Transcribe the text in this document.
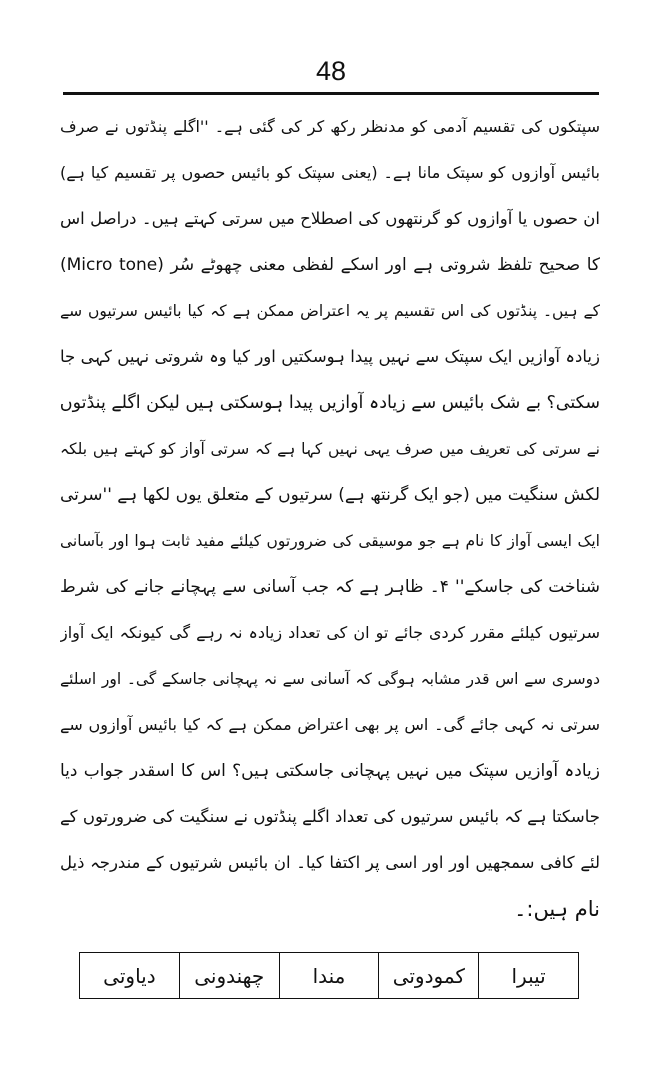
48
سپتکوں کی تقسیم آدمی کو مدنظر رکھ کر کی گئی ہے۔ ''اگلے پنڈتوں نے صرف
بائیس آوازوں کو سپتک مانا ہے۔ (یعنی سپتک کو بائیس حصوں پر تقسیم کیا ہے)
ان حصوں یا آوازوں کو گرنتھوں کی اصطلاح میں سرتی کہتے ہیں۔ دراصل اس
کا صحیح تلفظ شروتی ہے اور اسکے لفظی معنی چھوٹے سُر (Micro tone)
کے ہیں۔ پنڈتوں کی اس تقسیم پر یہ اعتراض ممکن ہے کہ کیا بائیس سرتیوں سے
زیادہ آوازیں ایک سپتک سے نہیں پیدا ہوسکتیں اور کیا وہ شروتی نہیں کہی جا
سکتی؟ بے شک بائیس سے زیادہ آوازیں پیدا ہوسکتی ہیں لیکن اگلے پنڈتوں
نے سرتی کی تعریف میں صرف یہی نہیں کہا ہے کہ سرتی آواز کو کہتے ہیں بلکہ
لکش سنگیت میں (جو ایک گرنتھ ہے) سرتیوں کے متعلق یوں لکھا ہے ''سرتی
ایک ایسی آواز کا نام ہے جو موسیقی کی ضرورتوں کیلئے مفید ثابت ہوا اور بآسانی
شناخت کی جاسکے'' ۴۔ ظاہر ہے کہ جب آسانی سے پہچانے جانے کی شرط
سرتیوں کیلئے مقرر کردی جائے تو ان کی تعداد زیادہ نہ رہے گی کیونکہ ایک آواز
دوسری سے اس قدر مشابہ ہوگی کہ آسانی سے نہ پہچانی جاسکے گی۔ اور اسلئے
سرتی نہ کہی جائے گی۔ اس پر بھی اعتراض ممکن ہے کہ کیا بائیس آوازوں سے
زیادہ آوازیں سپتک میں نہیں پہچانی جاسکتی ہیں؟ اس کا اسقدر جواب دیا
جاسکتا ہے کہ بائیس سرتیوں کی تعداد اگلے پنڈتوں نے سنگیت کی ضرورتوں کے
لئے کافی سمجھیں اور اور اسی پر اکتفا کیا۔ ان بائیس شرتیوں کے مندرجہ ذیل
نام ہیں:۔
تیبرا	کمودوتی	مندا	چھندونی	دیاوتی
